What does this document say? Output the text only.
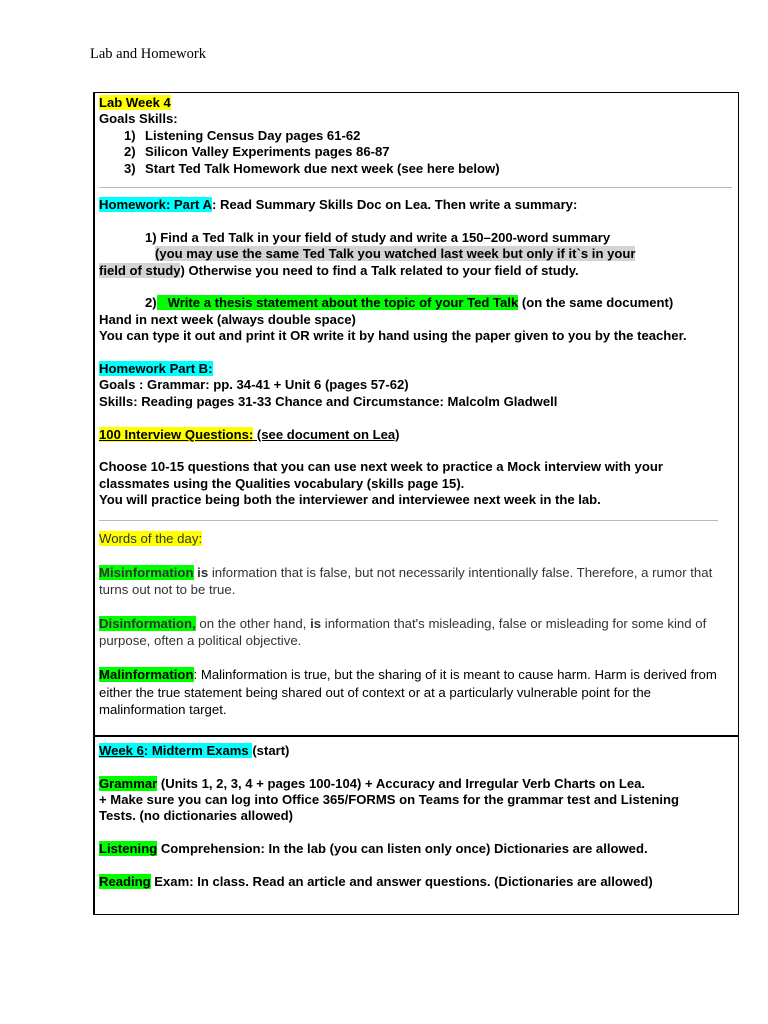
Lab and Homework

Lab Week 4

Goals Skills:

1) Listening Census Day pages 61-62
2) Silicon Valley Experiments pages 86-87
3) Start Ted Talk Homework due next week (see here below)

Homework: Part A: Read Summary Skills Doc on Lea. Then write a summary:

1) Find a Ted Talk in your field of study and write a 150–200-word summary

(you may use the same Ted Talk you watched last week but only if it`s in your

field of study) Otherwise you need to find a Talk related to your field of study.

2) Write a thesis statement about the topic of your Ted Talk (on the same document)

Hand in next week (always double space)

You can type it out and print it OR write it by hand using the paper given to you by the teacher.

Homework Part B:

Goals : Grammar: pp. 34-41 + Unit 6 (pages 57-62)

Skills: Reading pages 31-33 Chance and Circumstance: Malcolm Gladwell

100 Interview Questions: (see document on Lea)

Choose 10-15 questions that you can use next week to practice a Mock interview with your
classmates using the Qualities vocabulary (skills page 15).

You will practice being both the interviewer and interviewee next week in the lab.

Words of the day:

Misinformation is information that is false, but not necessarily intentionally false. Therefore, a rumor that turns out not to be true.

Disinformation, on the other hand, is information that's misleading, false or misleading for some kind of purpose, often a political objective.

Malinformation: Malinformation is true, but the sharing of it is meant to cause harm. Harm is derived from either the true statement being shared out of context or at a particularly vulnerable point for the malinformation target.

Week 6: Midterm Exams (start)

Grammar (Units 1, 2, 3, 4 + pages 100-104) + Accuracy and Irregular Verb Charts on Lea.

+ Make sure you can log into Office 365/FORMS on Teams for the grammar test and Listening
Tests. (no dictionaries allowed)

Listening Comprehension: In the lab (you can listen only once) Dictionaries are allowed.

Reading Exam: In class. Read an article and answer questions. (Dictionaries are allowed)
